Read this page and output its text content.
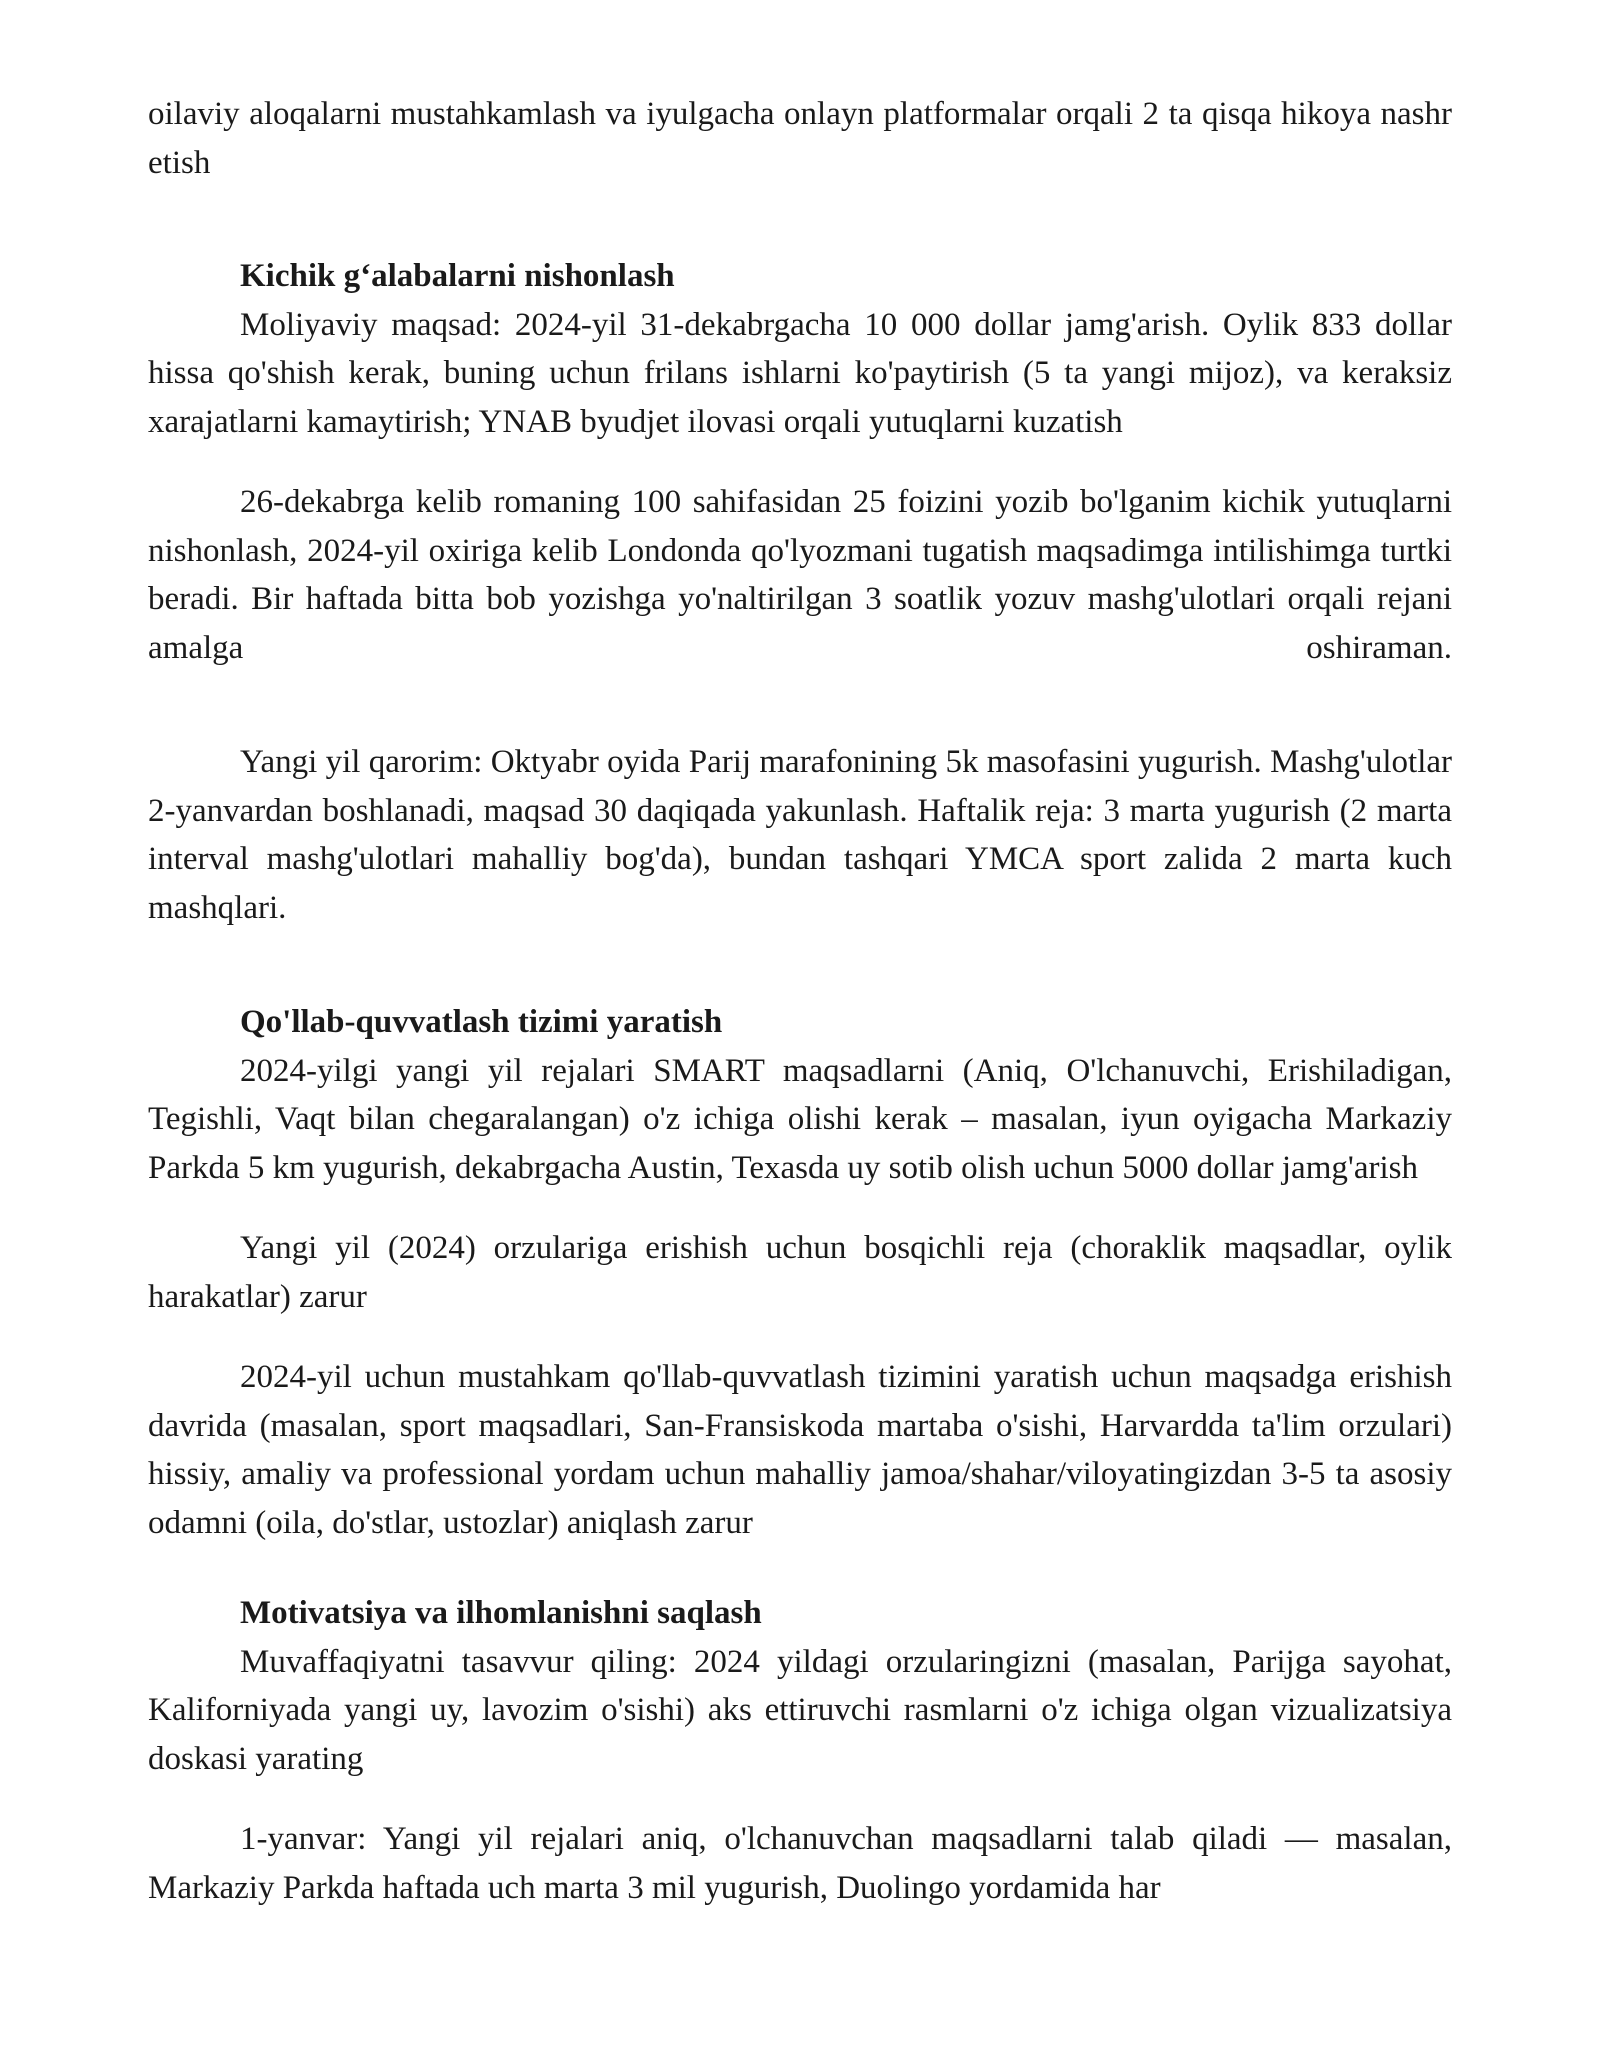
oilaviy aloqalarni mustahkamlash va iyulgacha onlayn platformalar orqali 2 ta qisqa hikoya nashr etish

Kichik g‘alabalarni nishonlash

Moliyaviy maqsad: 2024-yil 31-dekabrgacha 10 000 dollar jamg'arish. Oylik 833 dollar hissa qo'shish kerak, buning uchun frilans ishlarni ko'paytirish (5 ta yangi mijoz), va keraksiz xarajatlarni kamaytirish; YNAB byudjet ilovasi orqali yutuqlarni kuzatish

26-dekabrga kelib romaning 100 sahifasidan 25 foizini yozib bo'lganim kichik yutuqlarni nishonlash, 2024-yil oxiriga kelib Londonda qo'lyozmani tugatish maqsadimga intilishimga turtki beradi. Bir haftada bitta bob yozishga yo'naltirilgan 3 soatlik yozuv mashg'ulotlari orqali rejani amalga oshiraman.

Yangi yil qarorim: Oktyabr oyida Parij marafonining 5k masofasini yugurish. Mashg'ulotlar 2-yanvardan boshlanadi, maqsad 30 daqiqada yakunlash. Haftalik reja: 3 marta yugurish (2 marta interval mashg'ulotlari mahalliy bog'da), bundan tashqari YMCA sport zalida 2 marta kuch mashqlari.

Qo'llab-quvvatlash tizimi yaratish

2024-yilgi yangi yil rejalari SMART maqsadlarni (Aniq, O'lchanuvchi, Erishiladigan, Tegishli, Vaqt bilan chegaralangan) o'z ichiga olishi kerak – masalan, iyun oyigacha Markaziy Parkda 5 km yugurish, dekabrgacha Austin, Texasda uy sotib olish uchun 5000 dollar jamg'arish

Yangi yil (2024) orzulariga erishish uchun bosqichli reja (choraklik maqsadlar, oylik harakatlar) zarur

2024-yil uchun mustahkam qo'llab-quvvatlash tizimini yaratish uchun maqsadga erishish davrida (masalan, sport maqsadlari, San-Fransiskoda martaba o'sishi, Harvardda ta'lim orzulari) hissiy, amaliy va professional yordam uchun mahalliy jamoa/shahar/viloyatingizdan 3-5 ta asosiy odamni (oila, do'stlar, ustozlar) aniqlash zarur

Motivatsiya va ilhomlanishni saqlash

Muvaffaqiyatni tasavvur qiling: 2024 yildagi orzularingizni (masalan, Parijga sayohat, Kaliforniyada yangi uy, lavozim o'sishi) aks ettiruvchi rasmlarni o'z ichiga olgan vizualizatsiya doskasi yarating

1-yanvar: Yangi yil rejalari aniq, o'lchanuvchan maqsadlarni talab qiladi — masalan, Markaziy Parkda haftada uch marta 3 mil yugurish, Duolingo yordamida har
